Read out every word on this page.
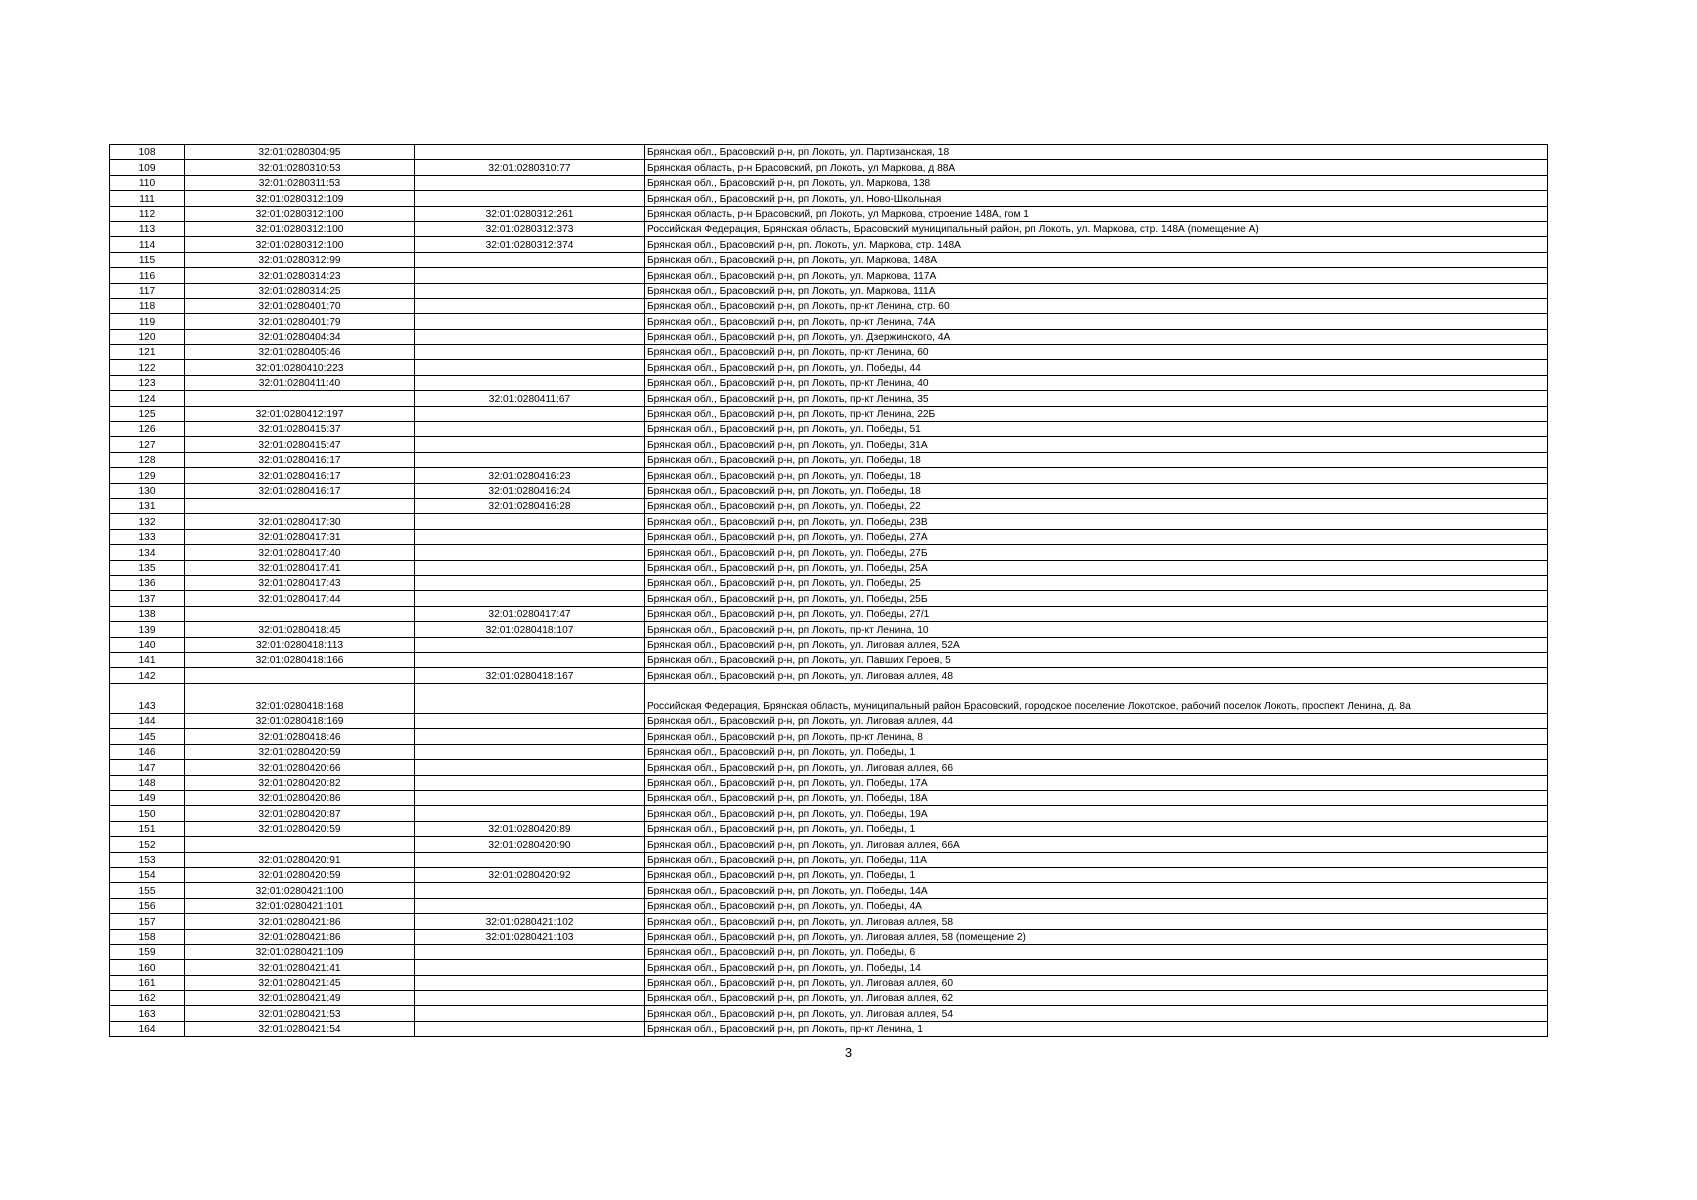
108	32:01:0280304:95		Брянская обл., Брасовский р-н, рп Локоть, ул. Партизанская, 18
109	32:01:0280310:53	32:01:0280310:77	Брянская область, р-н Брасовский, рп Локоть, ул Маркова, д 88А
110	32:01:0280311:53		Брянская обл., Брасовский р-н, рп Локоть, ул. Маркова, 138
111	32:01:0280312:109		Брянская обл., Брасовский р-н, рп Локоть, ул. Ново-Школьная
112	32:01:0280312:100	32:01:0280312:261	Брянская область, р-н Брасовский, рп Локоть, ул Маркова, строение 148А, гом 1
113	32:01:0280312:100	32:01:0280312:373	Российская Федерация, Брянская область, Брасовский муниципальный район, рп Локоть, ул. Маркова, стр. 148А (помещение А)
114	32:01:0280312:100	32:01:0280312:374	Брянская обл., Брасовский р-н, рп. Локоть, ул. Маркова, стр. 148А
115	32:01:0280312:99		Брянская обл., Брасовский р-н, рп Локоть, ул. Маркова, 148А
116	32:01:0280314:23		Брянская обл., Брасовский р-н, рп Локоть, ул. Маркова, 117А
117	32:01:0280314:25		Брянская обл., Брасовский р-н, рп Локоть, ул. Маркова, 111А
118	32:01:0280401:70		Брянская обл., Брасовский р-н, рп Локоть, пр-кт Ленина, стр. 60
119	32:01:0280401:79		Брянская обл., Брасовский р-н, рп Локоть, пр-кт Ленина, 74А
120	32:01:0280404:34		Брянская обл., Брасовский р-н, рп Локоть, ул. Дзержинского, 4А
121	32:01:0280405:46		Брянская обл., Брасовский р-н, рп Локоть, пр-кт Ленина, 60
122	32:01:0280410:223		Брянская обл., Брасовский р-н, рп Локоть, ул. Победы, 44
123	32:01:0280411:40		Брянская обл., Брасовский р-н, рп Локоть, пр-кт Ленина, 40
124		32:01:0280411:67	Брянская обл., Брасовский р-н, рп Локоть, пр-кт Ленина, 35
125	32:01:0280412:197		Брянская обл., Брасовский р-н, рп Локоть, пр-кт Ленина, 22Б
126	32:01:0280415:37		Брянская обл., Брасовский р-н, рп Локоть, ул. Победы, 51
127	32:01:0280415:47		Брянская обл., Брасовский р-н, рп Локоть, ул. Победы, 31А
128	32:01:0280416:17		Брянская обл., Брасовский р-н, рп Локоть, ул. Победы, 18
129	32:01:0280416:17	32:01:0280416:23	Брянская обл., Брасовский р-н, рп Локоть, ул. Победы, 18
130	32:01:0280416:17	32:01:0280416:24	Брянская обл., Брасовский р-н, рп Локоть, ул. Победы, 18
131		32:01:0280416:28	Брянская обл., Брасовский р-н, рп Локоть, ул. Победы, 22
132	32:01:0280417:30		Брянская обл., Брасовский р-н, рп Локоть, ул. Победы, 23В
133	32:01:0280417:31		Брянская обл., Брасовский р-н, рп Локоть, ул. Победы, 27А
134	32:01:0280417:40		Брянская обл., Брасовский р-н, рп Локоть, ул. Победы, 27Б
135	32:01:0280417:41		Брянская обл., Брасовский р-н, рп Локоть, ул. Победы, 25А
136	32:01:0280417:43		Брянская обл., Брасовский р-н, рп Локоть, ул. Победы, 25
137	32:01:0280417:44		Брянская обл., Брасовский р-н, рп Локоть, ул. Победы, 25Б
138		32:01:0280417:47	Брянская обл., Брасовский р-н, рп Локоть, ул. Победы, 27/1
139	32:01:0280418:45	32:01:0280418:107	Брянская обл., Брасовский р-н, рп Локоть, пр-кт Ленина, 10
140	32:01:0280418:113		Брянская обл., Брасовский р-н, рп Локоть, ул. Лиговая аллея, 52А
141	32:01:0280418:166		Брянская обл., Брасовский р-н, рп Локоть, ул. Павших Героев, 5
142		32:01:0280418:167	Брянская обл., Брасовский р-н, рп Локоть, ул. Лиговая аллея, 48
143	32:01:0280418:168		Российская Федерация, Брянская область, муниципальный район Брасовский, городское поселение Локотское, рабочий поселок Локоть, проспект Ленина, д. 8а
144	32:01:0280418:169		Брянская обл., Брасовский р-н, рп Локоть, ул. Лиговая аллея, 44
145	32:01:0280418:46		Брянская обл., Брасовский р-н, рп Локоть, пр-кт Ленина, 8
146	32:01:0280420:59		Брянская обл., Брасовский р-н, рп Локоть, ул. Победы, 1
147	32:01:0280420:66		Брянская обл., Брасовский р-н, рп Локоть, ул. Лиговая аллея, 66
148	32:01:0280420:82		Брянская обл., Брасовский р-н, рп Локоть, ул. Победы, 17А
149	32:01:0280420:86		Брянская обл., Брасовский р-н, рп Локоть, ул. Победы, 18А
150	32:01:0280420:87		Брянская обл., Брасовский р-н, рп Локоть, ул. Победы, 19А
151	32:01:0280420:59	32:01:0280420:89	Брянская обл., Брасовский р-н, рп Локоть, ул. Победы, 1
152		32:01:0280420:90	Брянская обл., Брасовский р-н, рп Локоть, ул. Лиговая аллея, 66А
153	32:01:0280420:91		Брянская обл., Брасовский р-н, рп Локоть, ул. Победы, 11А
154	32:01:0280420:59	32:01:0280420:92	Брянская обл., Брасовский р-н, рп Локоть, ул. Победы, 1
155	32:01:0280421:100		Брянская обл., Брасовский р-н, рп Локоть, ул. Победы, 14А
156	32:01:0280421:101		Брянская обл., Брасовский р-н, рп Локоть, ул. Победы, 4А
157	32:01:0280421:86	32:01:0280421:102	Брянская обл., Брасовский р-н, рп Локоть, ул. Лиговая аллея, 58
158	32:01:0280421:86	32:01:0280421:103	Брянская обл., Брасовский р-н, рп Локоть, ул. Лиговая аллея, 58 (помещение 2)
159	32:01:0280421:109		Брянская обл., Брасовский р-н, рп Локоть, ул. Победы, 6
160	32:01:0280421:41		Брянская обл., Брасовский р-н, рп Локоть, ул. Победы, 14
161	32:01:0280421:45		Брянская обл., Брасовский р-н, рп Локоть, ул. Лиговая аллея, 60
162	32:01:0280421:49		Брянская обл., Брасовский р-н, рп Локоть, ул. Лиговая аллея, 62
163	32:01:0280421:53		Брянская обл., Брасовский р-н, рп Локоть, ул. Лиговая аллея, 54
164	32:01:0280421:54		Брянская обл., Брасовский р-н, рп Локоть, пр-кт Ленина, 1
3
